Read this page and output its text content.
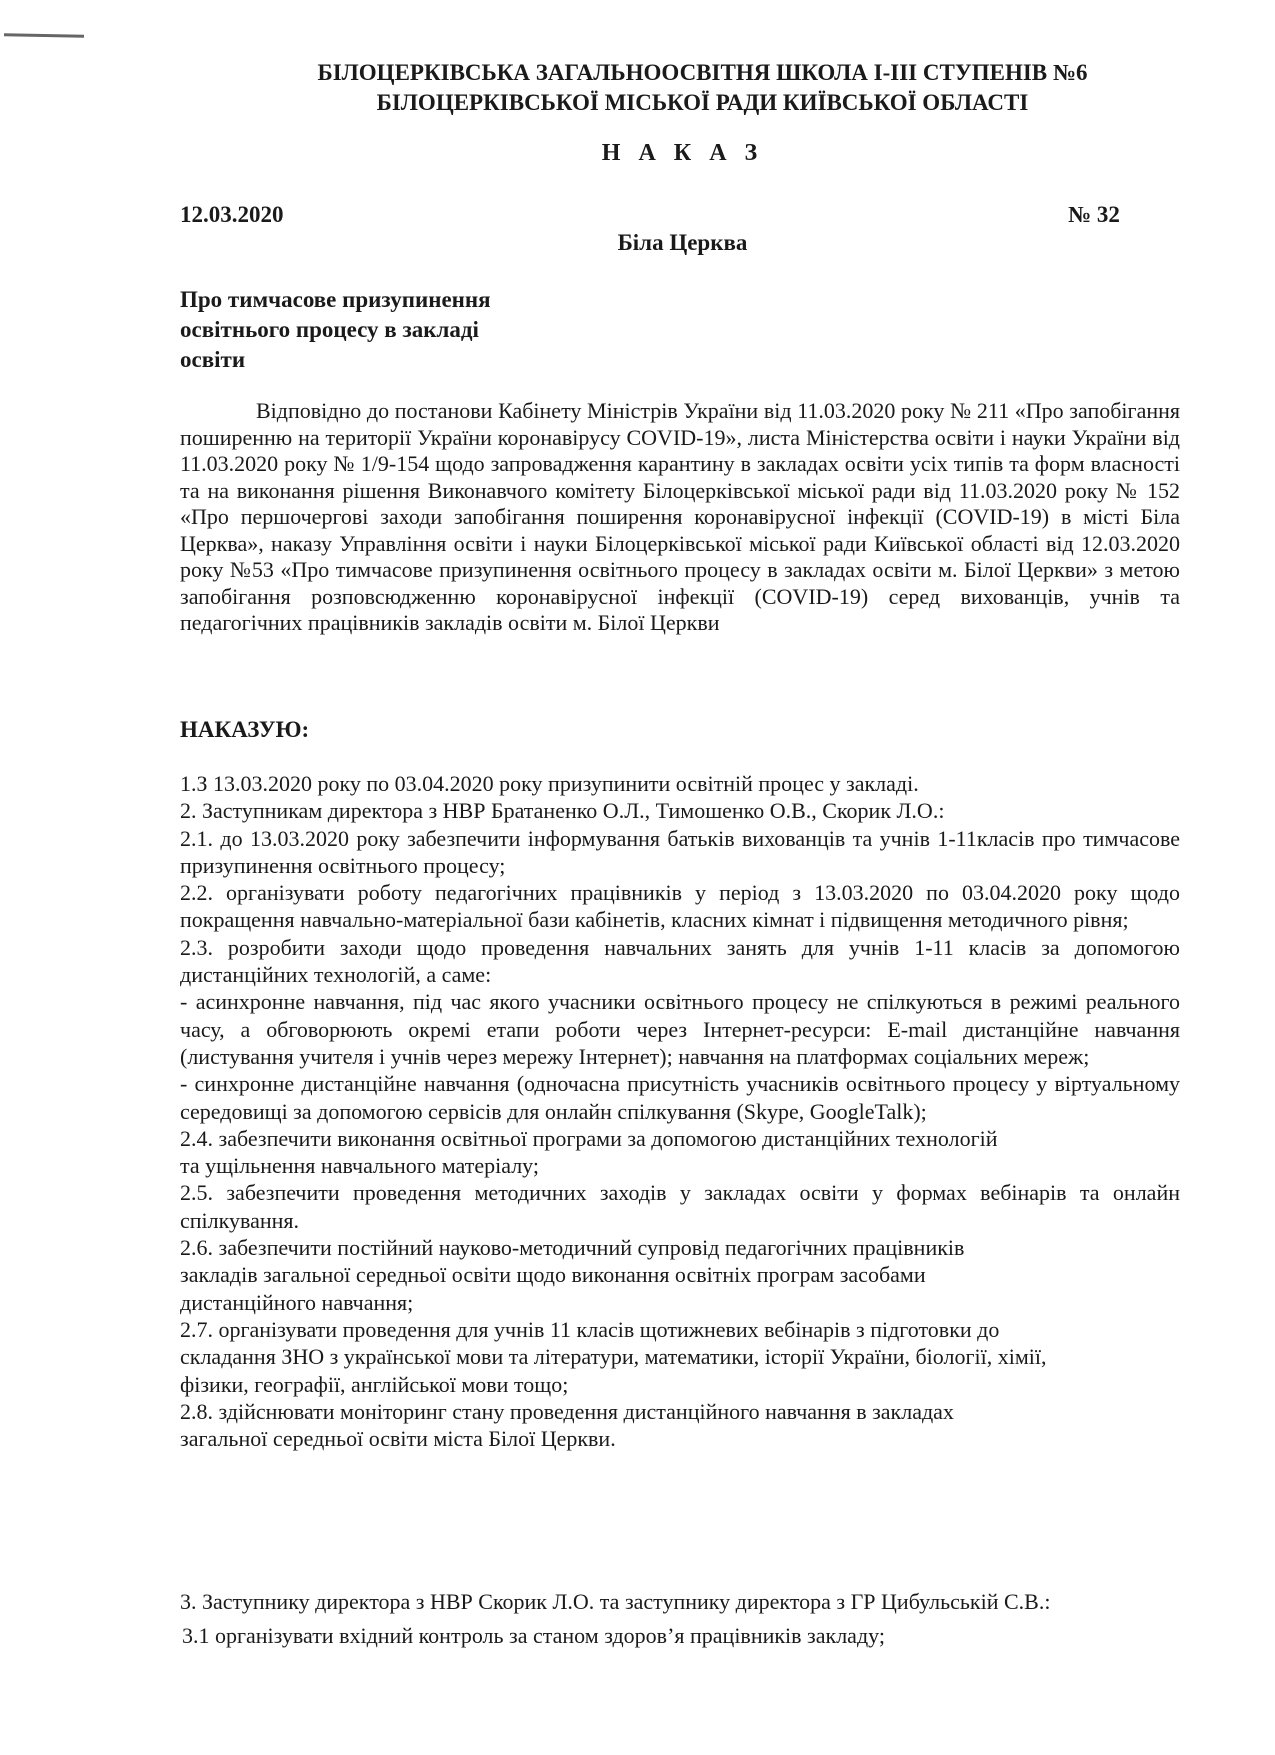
БІЛОЦЕРКІВСЬКА ЗАГАЛЬНООСВІТНЯ ШКОЛА І-ІІІ СТУПЕНІВ №6
БІЛОЦЕРКІВСЬКОЇ МІСЬКОЇ РАДИ КИЇВСЬКОЇ ОБЛАСТІ
Н А К А З
12.03.2020	№ 32
Біла Церква
Про тимчасове призупинення освітнього процесу в закладі освіти
Відповідно до постанови Кабінету Міністрів України від 11.03.2020 року № 211 «Про запобігання поширенню на території України коронавірусу COVID-19», листа Міністерства освіти і науки України від 11.03.2020 року № 1/9-154 щодо запровадження карантину в закладах освіти усіх типів та форм власності та на виконання рішення Виконавчого комітету Білоцерківської міської ради від 11.03.2020 року № 152 «Про першочергові заходи запобігання поширення коронавірусної інфекції (COVID-19) в місті Біла Церква», наказу Управління освіти і науки Білоцерківської міської ради Київської області від 12.03.2020 року №53 «Про тимчасове призупинення освітнього процесу в закладах освіти м. Білої Церкви» з метою запобігання розповсюдженню коронавірусної інфекції (COVID-19) серед вихованців, учнів та педагогічних працівників закладів освіти м. Білої Церкви
НАКАЗУЮ:

1.З 13.03.2020 року по 03.04.2020 року призупинити освітній процес у закладі.

2. Заступникам директора з НВР Братаненко О.Л., Тимошенко О.В., Скорик Л.О.:

2.1. до 13.03.2020 року забезпечити інформування батьків вихованців та учнів 1-11класів про тимчасове призупинення освітнього процесу;

2.2. організувати роботу педагогічних працівників у період з 13.03.2020 по 03.04.2020 року щодо покращення навчально-матеріальної бази кабінетів, класних кімнат і підвищення методичного рівня;

2.3. розробити заходи щодо проведення навчальних занять для учнів 1-11 класів за допомогою дистанційних технологій, а саме:

- асинхронне навчання, під час якого учасники освітнього процесу не спілкуються в режимі реального часу, а обговорюють окремі етапи роботи через Інтернет-ресурси: E-mail дистанційне навчання (листування учителя і учнів через мережу Інтернет); навчання на платформах соціальних мереж;

- синхронне дистанційне навчання (одночасна присутність учасників освітнього процесу у віртуальному середовищі за допомогою сервісів для онлайн спілкування (Skype, GoogleTalk);

2.4. забезпечити виконання освітньої програми за допомогою дистанційних технологій

та ущільнення навчального матеріалу;

2.5. забезпечити проведення методичних заходів у закладах освіти у формах вебінарів та онлайн спілкування.

2.6. забезпечити постійний науково-методичний супровід педагогічних працівників

закладів загальної середньої освіти щодо виконання освітніх програм засобами

дистанційного навчання;

2.7. організувати проведення для учнів 11 класів щотижневих вебінарів з підготовки до

складання ЗНО з української мови та літератури, математики, історії України, біології, хімії,

фізики, географії, англійської мови тощо;

2.8. здійснювати моніторинг стану проведення дистанційного навчання в закладах

загальної середньої освіти міста Білої Церкви.

3. Заступнику директора з НВР Скорик Л.О. та заступнику директора з ГР Цибульській С.В.:

3.1 організувати вхідний контроль за станом здоров’я працівників закладу;
